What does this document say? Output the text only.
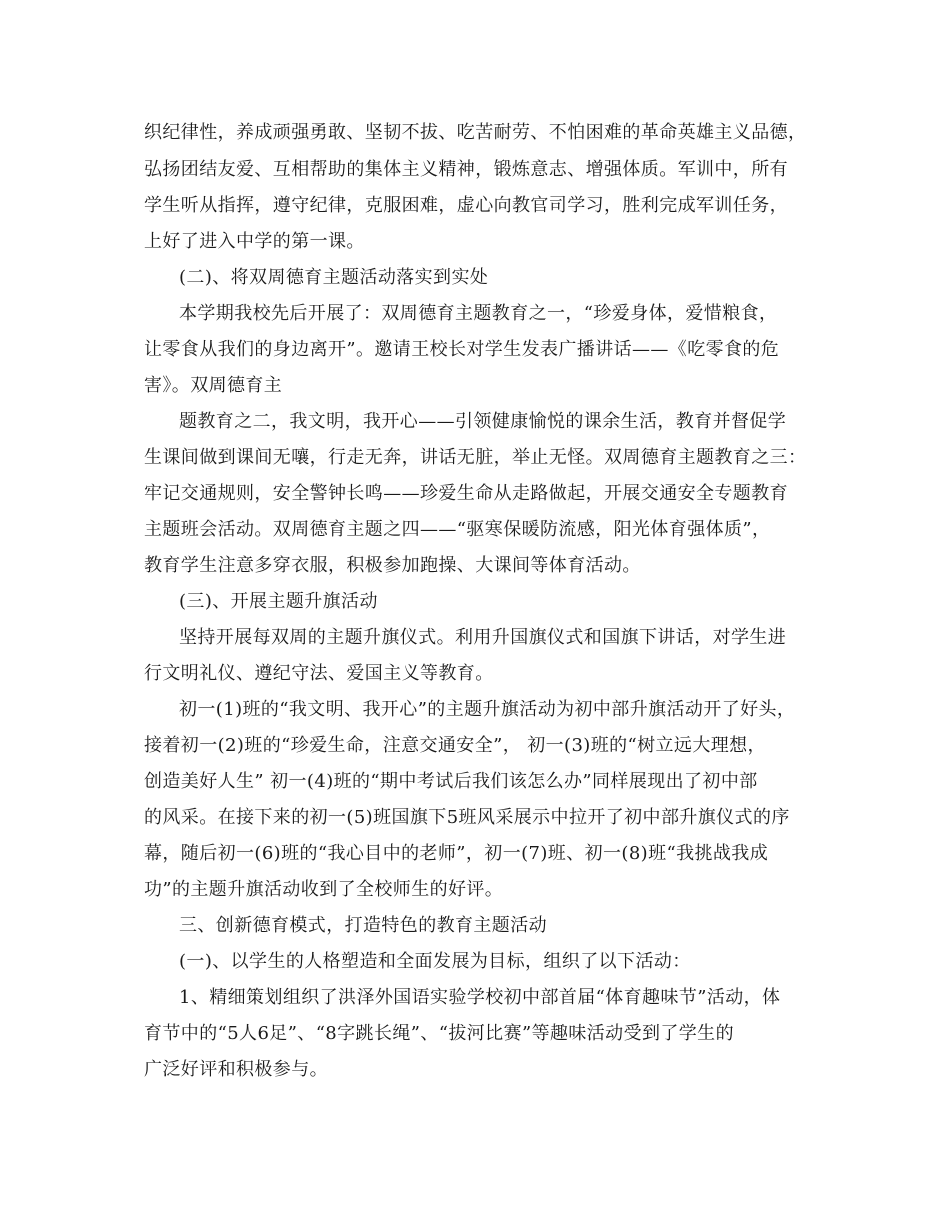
织纪律性，养成顽强勇敢、坚韧不拔、吃苦耐劳、不怕困难的革命英雄主义品德，
弘扬团结友爱、互相帮助的集体主义精神，锻炼意志、增强体质。军训中，所有
学生听从指挥，遵守纪律，克服困难，虚心向教官司学习，胜利完成军训任务，
上好了进入中学的第一课。
(二)、将双周德育主题活动落实到实处
本学期我校先后开展了：双周德育主题教育之一，“珍爱身体，爱惜粮食，
让零食从我们的身边离开”。邀请王校长对学生发表广播讲话——《吃零食的危
害》。双周德育主
题教育之二，我文明，我开心——引领健康愉悦的课余生活，教育并督促学
生课间做到课间无嚷，行走无奔，讲话无脏，举止无怪。双周德育主题教育之三：
牢记交通规则，安全警钟长鸣——珍爱生命从走路做起，开展交通安全专题教育
主题班会活动。双周德育主题之四——“驱寒保暖防流感，阳光体育强体质”，
教育学生注意多穿衣服，积极参加跑操、大课间等体育活动。
(三)、开展主题升旗活动
坚持开展每双周的主题升旗仪式。利用升国旗仪式和国旗下讲话，对学生进
行文明礼仪、遵纪守法、爱国主义等教育。
初一(1)班的“我文明、我开心”的主题升旗活动为初中部升旗活动开了好头，
接着初一(2)班的“珍爱生命，注意交通安全”， 初一(3)班的“树立远大理想，
创造美好人生” 初一(4)班的“期中考试后我们该怎么办”同样展现出了初中部
的风采。在接下来的初一(5)班国旗下5班风采展示中拉开了初中部升旗仪式的序
幕，随后初一(6)班的“我心目中的老师”，初一(7)班、初一(8)班“我挑战我成
功”的主题升旗活动收到了全校师生的好评。
三、创新德育模式，打造特色的教育主题活动
(一)、以学生的人格塑造和全面发展为目标，组织了以下活动：
1、精细策划组织了洪泽外国语实验学校初中部首届“体育趣味节”活动，体
育节中的“5人6足”、“8字跳长绳”、“拔河比赛”等趣味活动受到了学生的
广泛好评和积极参与。
